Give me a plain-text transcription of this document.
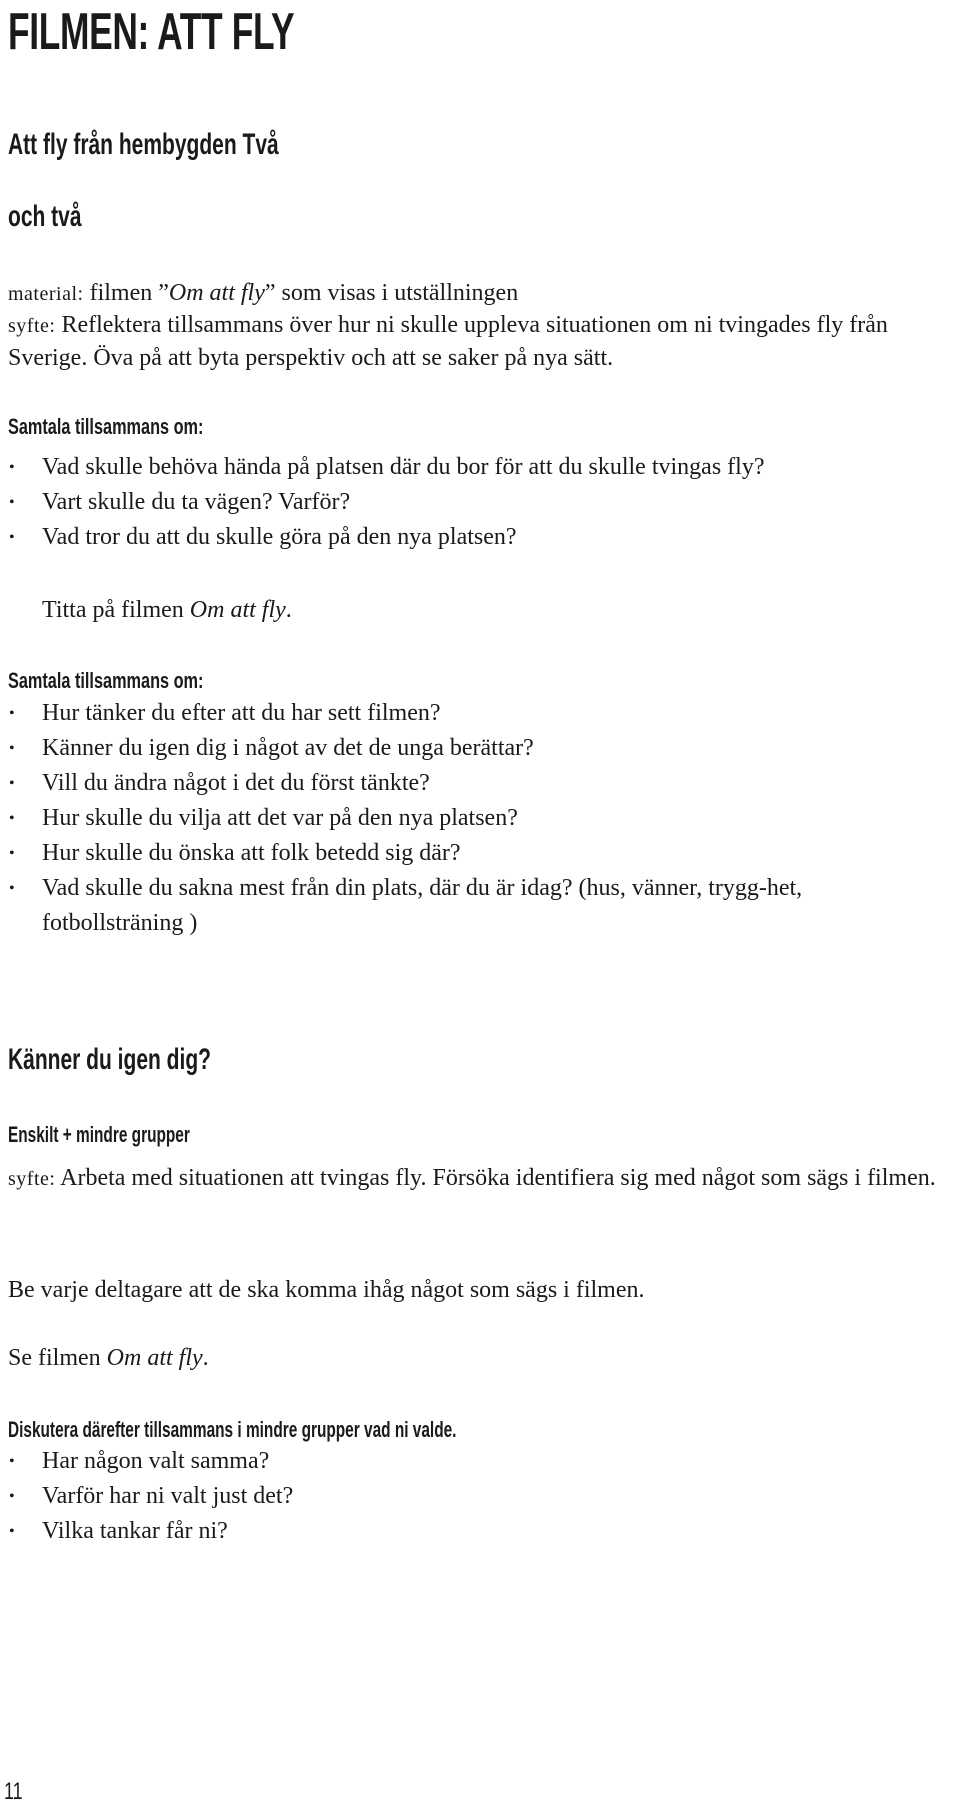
FILMEN: ATT FLY
Att fly från hembygden Två
och två
material: filmen ”Om att fly” som visas i utställningen
syfte: Reflektera tillsammans över hur ni skulle uppleva situationen om ni tvingades fly från Sverige. Öva på att byta perspektiv och att se saker på nya sätt.
Samtala tillsammans om:
• Vad skulle behöva hända på platsen där du bor för att du skulle tvingas fly?
• Vart skulle du ta vägen? Varför?
• Vad tror du att du skulle göra på den nya platsen?
Titta på filmen Om att fly.
Samtala tillsammans om:
• Hur tänker du efter att du har sett filmen?
• Känner du igen dig i något av det de unga berättar?
• Vill du ändra något i det du först tänkte?
• Hur skulle du vilja att det var på den nya platsen?
• Hur skulle du önska att folk betedd sig där?
• Vad skulle du sakna mest från din plats, där du är idag? (hus, vänner, trygg-het, fotbollsträning )
Känner du igen dig?
Enskilt + mindre grupper
syfte: Arbeta med situationen att tvingas fly. Försöka identifiera sig med något som sägs i filmen.
Be varje deltagare att de ska komma ihåg något som sägs i filmen.
Se filmen Om att fly.
Diskutera därefter tillsammans i mindre grupper vad ni valde.
• Har någon valt samma?
• Varför har ni valt just det?
• Vilka tankar får ni?
11
